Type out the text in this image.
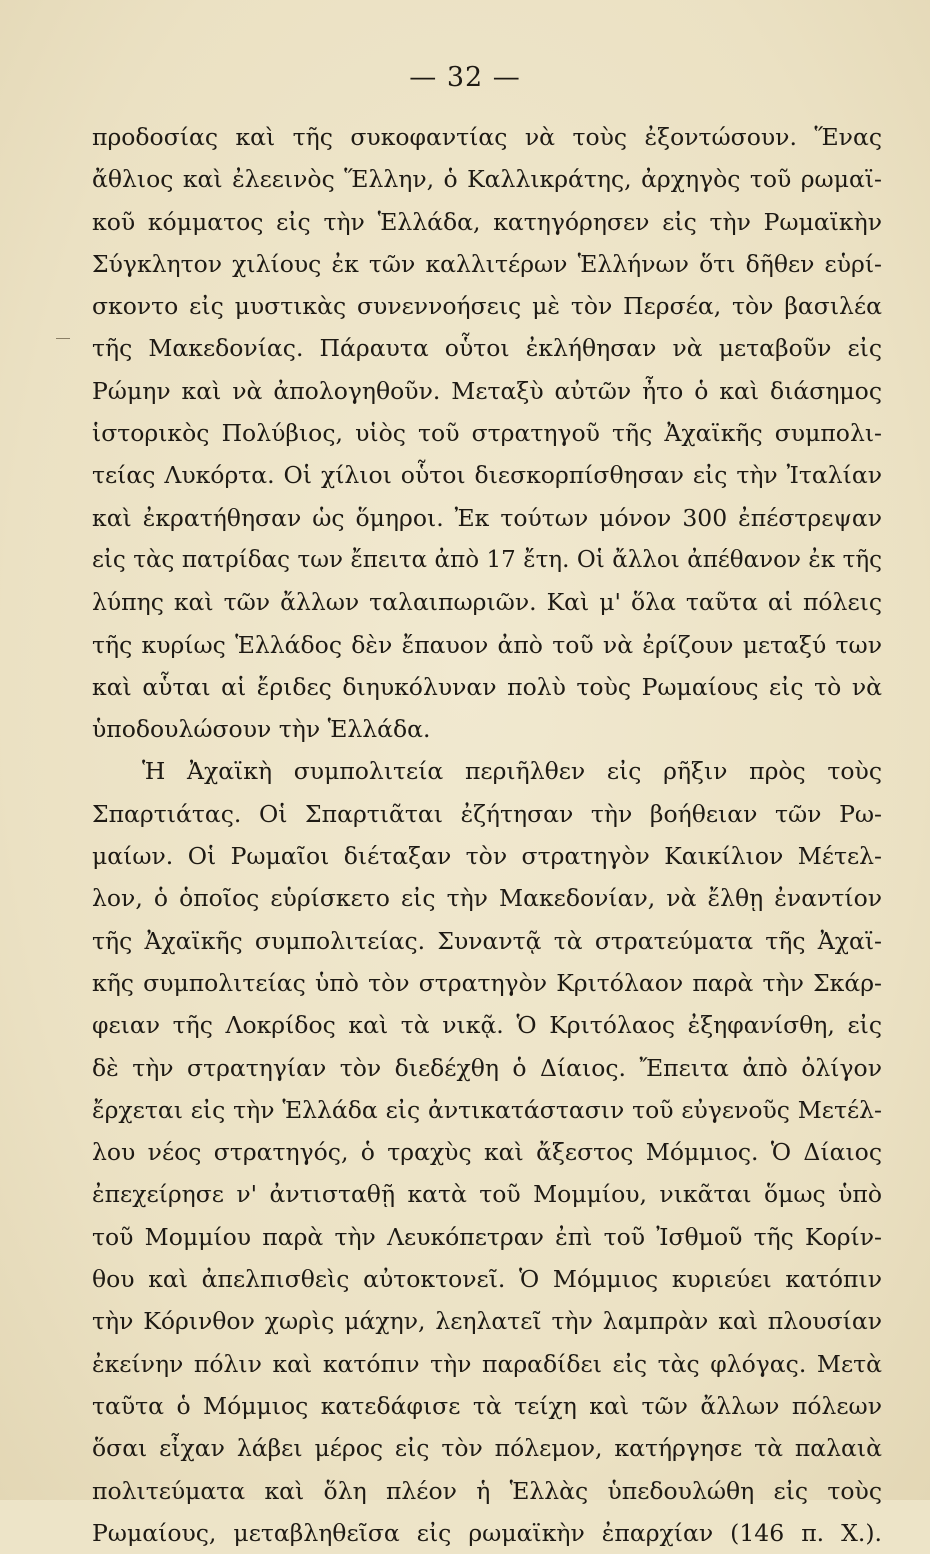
— 32 —
προδοσίας καὶ τῆς συκοφαντίας νὰ τοὺς ἐξοντώσουν. Ἕνας
ἄθλιος καὶ ἐλεεινὸς Ἕλλην, ὁ Καλλικράτης, ἀρχηγὸς τοῦ ρωμαϊ-
κοῦ κόμματος εἰς τὴν Ἑλλάδα, κατηγόρησεν εἰς τὴν Ρωμαϊκὴν
Σύγκλητον χιλίους ἐκ τῶν καλλιτέρων Ἑλλήνων ὅτι δῆθεν εὑρί-
σκοντο εἰς μυστικὰς συνεννοήσεις μὲ τὸν Περσέα, τὸν βασιλέα
τῆς Μακεδονίας. Πάραυτα οὗτοι ἐκλήθησαν νὰ μεταβοῦν εἰς
Ρώμην καὶ νὰ ἀπολογηθοῦν. Μεταξὺ αὐτῶν ἦτο ὁ καὶ διάσημος
ἱστορικὸς Πολύβιος, υἱὸς τοῦ στρατηγοῦ τῆς Ἀχαϊκῆς συμπολι-
τείας Λυκόρτα. Οἱ χίλιοι οὗτοι διεσκορπίσθησαν εἰς τὴν Ἰταλίαν
καὶ ἐκρατήθησαν ὡς ὅμηροι. Ἐκ τούτων μόνον 300 ἐπέστρεψαν
εἰς τὰς πατρίδας των ἔπειτα ἀπὸ 17 ἔτη. Οἱ ἄλλοι ἀπέθανον ἐκ τῆς
λύπης καὶ τῶν ἄλλων ταλαιπωριῶν. Καὶ μ' ὅλα ταῦτα αἱ πόλεις
τῆς κυρίως Ἑλλάδος δὲν ἔπαυον ἀπὸ τοῦ νὰ ἐρίζουν μεταξύ των
καὶ αὗται αἱ ἔριδες διηυκόλυναν πολὺ τοὺς Ρωμαίους εἰς τὸ νὰ
ὑποδουλώσουν τὴν Ἑλλάδα.
Ἡ Ἀχαϊκὴ συμπολιτεία περιῆλθεν εἰς ρῆξιν πρὸς τοὺς
Σπαρτιάτας. Οἱ Σπαρτιᾶται ἐζήτησαν τὴν βοήθειαν τῶν Ρω-
μαίων. Οἱ Ρωμαῖοι διέταξαν τὸν στρατηγὸν Καικίλιον Μέτελ-
λον, ὁ ὁποῖος εὑρίσκετο εἰς τὴν Μακεδονίαν, νὰ ἔλθῃ ἐναντίον
τῆς Ἀχαϊκῆς συμπολιτείας. Συναντᾷ τὰ στρατεύματα τῆς Ἀχαϊ-
κῆς συμπολιτείας ὑπὸ τὸν στρατηγὸν Κριτόλαον παρὰ τὴν Σκάρ-
φειαν τῆς Λοκρίδος καὶ τὰ νικᾷ. Ὁ Κριτόλαος ἐξηφανίσθη, εἰς
δὲ τὴν στρατηγίαν τὸν διεδέχθη ὁ Δίαιος. Ἔπειτα ἀπὸ ὀλίγον
ἔρχεται εἰς τὴν Ἑλλάδα εἰς ἀντικατάστασιν τοῦ εὐγενοῦς Μετέλ-
λου νέος στρατηγός, ὁ τραχὺς καὶ ἄξεστος Μόμμιος. Ὁ Δίαιος
ἐπεχείρησε ν' ἀντισταθῇ κατὰ τοῦ Μομμίου, νικᾶται ὅμως ὑπὸ
τοῦ Μομμίου παρὰ τὴν Λευκόπετραν ἐπὶ τοῦ Ἰσθμοῦ τῆς Κορίν-
θου καὶ ἀπελπισθεὶς αὐτοκτονεῖ. Ὁ Μόμμιος κυριεύει κατόπιν
τὴν Κόρινθον χωρὶς μάχην, λεηλατεῖ τὴν λαμπρὰν καὶ πλουσίαν
ἐκείνην πόλιν καὶ κατόπιν τὴν παραδίδει εἰς τὰς φλόγας. Μετὰ
ταῦτα ὁ Μόμμιος κατεδάφισε τὰ τείχη καὶ τῶν ἄλλων πόλεων
ὅσαι εἶχαν λάβει μέρος εἰς τὸν πόλεμον, κατήργησε τὰ παλαιὰ
πολιτεύματα καὶ ὅλη πλέον ἡ Ἑλλὰς ὑπεδουλώθη εἰς τοὺς
Ρωμαίους, μεταβληθεῖσα εἰς ρωμαϊκὴν ἐπαρχίαν (146 π. Χ.).
